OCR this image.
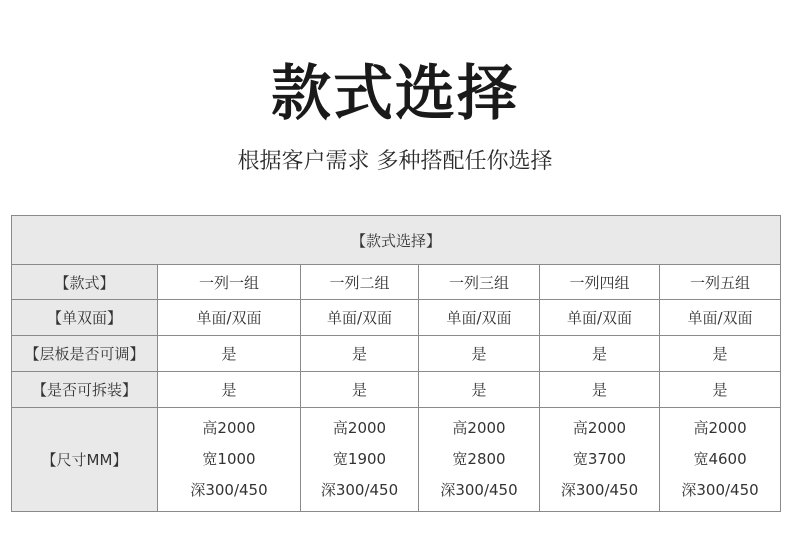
款式选择
根据客户需求 多种搭配任你选择
【款式选择】					
【款式】	一列一组	一列二组	一列三组	一列四组	一列五组
【单双面】	单面/双面	单面/双面	单面/双面	单面/双面	单面/双面
【层板是否可调】	是	是	是	是	是
【是否可拆装】	是	是	是	是	是
【尺寸MM】	高2000
宽1000
深300/450	高2000
宽1900
深300/450	高2000
宽2800
深300/450	高2000
宽3700
深300/450	高2000
宽4600
深300/450
